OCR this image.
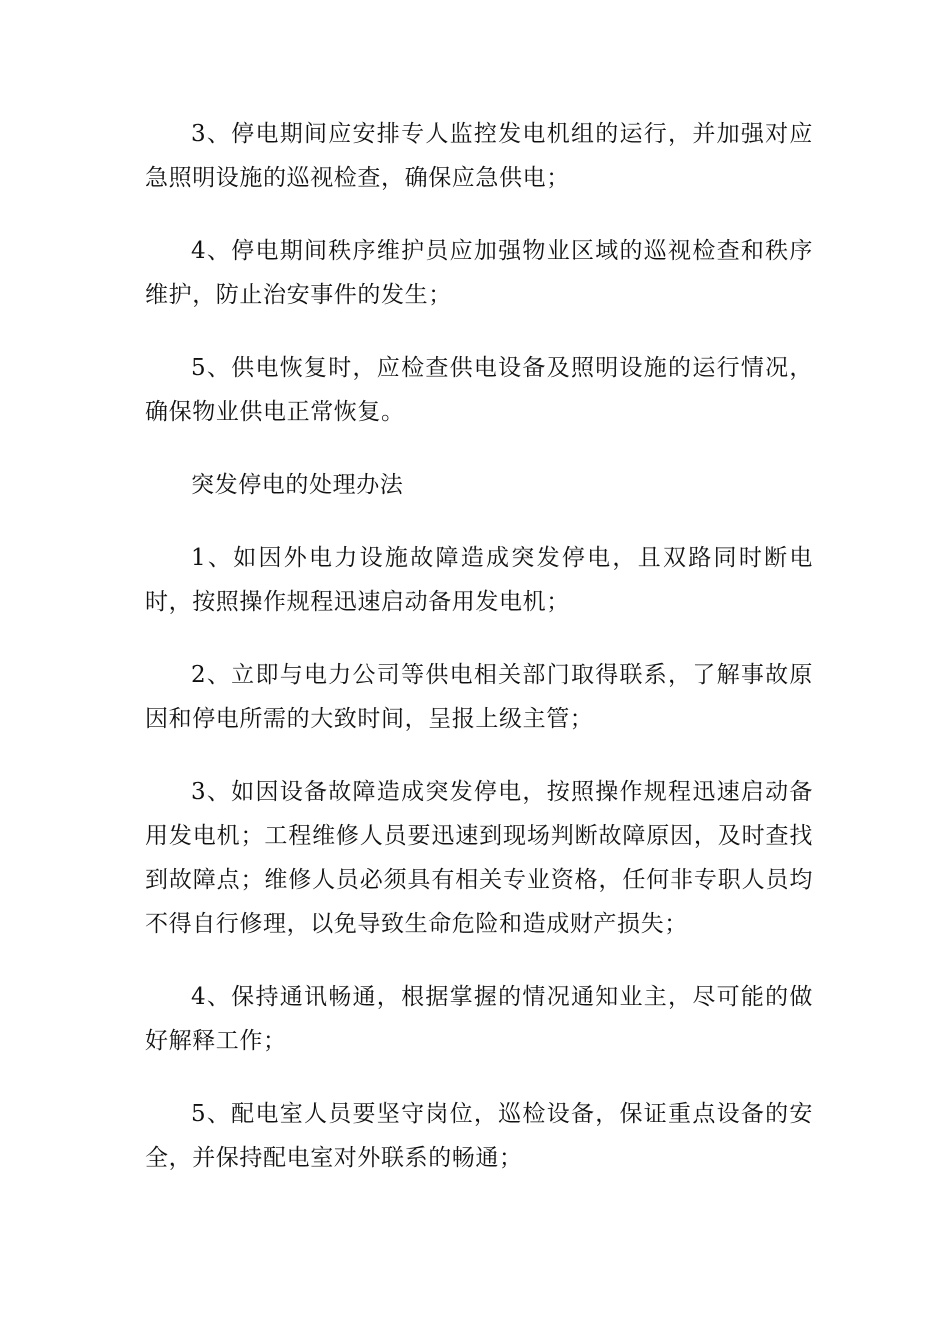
3、停电期间应安排专人监控发电机组的运行，并加强对应急照明设施的巡视检查，确保应急供电；

4、停电期间秩序维护员应加强物业区域的巡视检查和秩序维护，防止治安事件的发生；

5、供电恢复时，应检查供电设备及照明设施的运行情况，确保物业供电正常恢复。

突发停电的处理办法

1、如因外电力设施故障造成突发停电，且双路同时断电时，按照操作规程迅速启动备用发电机；

2、立即与电力公司等供电相关部门取得联系，了解事故原因和停电所需的大致时间，呈报上级主管；

3、如因设备故障造成突发停电，按照操作规程迅速启动备用发电机；工程维修人员要迅速到现场判断故障原因，及时查找到故障点；维修人员必须具有相关专业资格，任何非专职人员均不得自行修理，以免导致生命危险和造成财产损失；

4、保持通讯畅通，根据掌握的情况通知业主，尽可能的做好解释工作；

5、配电室人员要坚守岗位，巡检设备，保证重点设备的安全，并保持配电室对外联系的畅通；
